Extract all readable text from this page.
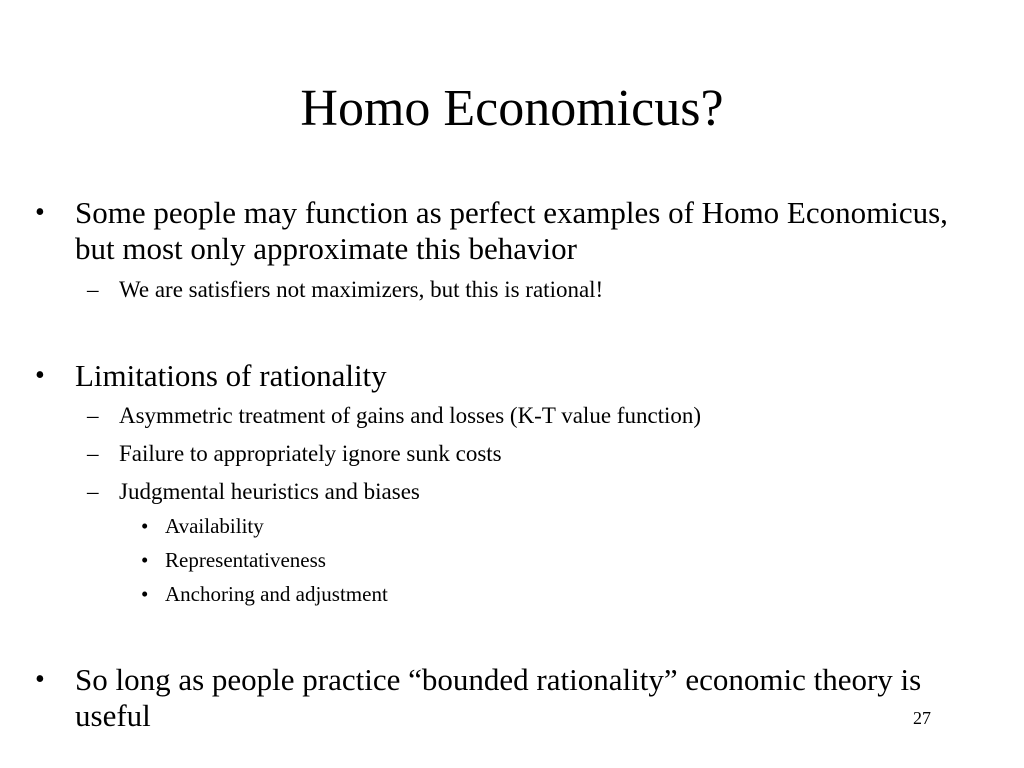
Homo Economicus?
• Some people may function as perfect examples of Homo Economicus, but most only approximate this behavior
– We are satisfiers not maximizers, but this is rational!
• Limitations of rationality
– Asymmetric treatment of gains and losses (K-T value function)
– Failure to appropriately ignore sunk costs
– Judgmental heuristics and biases
• Availability
• Representativeness
• Anchoring and adjustment
• So long as people practice “bounded rationality” economic theory is useful	27
